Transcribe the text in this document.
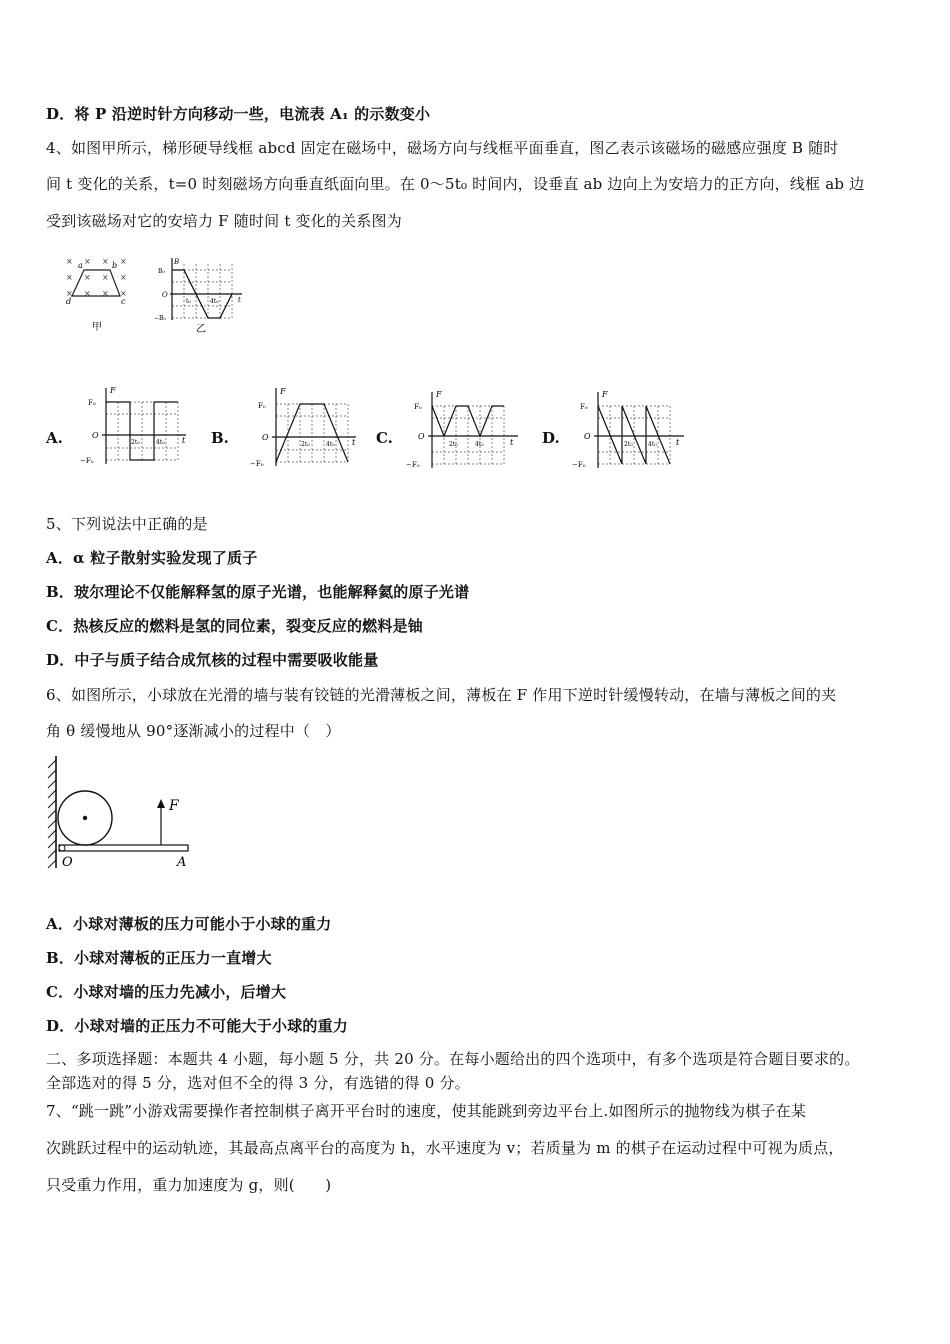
D．将 P 沿逆时针方向移动一些，电流表 A₁ 的示数变小
4、如图甲所示，梯形硬导线框 abcd 固定在磁场中，磁场方向与线框平面垂直，图乙表示该磁场的磁感应强度 B 随时
间 t 变化的关系，t=0 时刻磁场方向垂直纸面向里。在 0～5t₀ 时间内，设垂直 ab 边向上为安培力的正方向，线框 ab 边
受到该磁场对它的安培力 F 随时间 t 变化的关系图为
× × × ×
× × × ×
× × × ×
a	b
c
d
甲
B
B₀
O
−B₀
t
t₀	4t₀
乙
A.	B.	C.	D.
F
F₀
O
−F₀
t
2t₀	4t₀
F
F₀
O
−F₀
t
2t₀	4t₀
F
F₀
O
−F₀
t
2t₀	4t₀
F
F₀
O
−F₀
t
2t₀	4t₀
5、下列说法中正确的是
A．α 粒子散射实验发现了质子
B．玻尔理论不仅能解释氢的原子光谱，也能解释氦的原子光谱
C．热核反应的燃料是氢的同位素，裂变反应的燃料是铀
D．中子与质子结合成氘核的过程中需要吸收能量
6、如图所示，小球放在光滑的墙与装有铰链的光滑薄板之间，薄板在 F 作用下逆时针缓慢转动，在墙与薄板之间的夹
角 θ 缓慢地从 90°逐渐减小的过程中（　）
F
O	A
A．小球对薄板的压力可能小于小球的重力
B．小球对薄板的正压力一直增大
C．小球对墙的压力先减小，后增大
D．小球对墙的正压力不可能大于小球的重力
二、多项选择题：本题共 4 小题，每小题 5 分，共 20 分。在每小题给出的四个选项中，有多个选项是符合题目要求的。
全部选对的得 5 分，选对但不全的得 3 分，有选错的得 0 分。
7、“跳一跳”小游戏需要操作者控制棋子离开平台时的速度，使其能跳到旁边平台上.如图所示的抛物线为棋子在某
次跳跃过程中的运动轨迹，其最高点离平台的高度为 h，水平速度为 v；若质量为 m 的棋子在运动过程中可视为质点，
只受重力作用，重力加速度为 g，则(　　)
